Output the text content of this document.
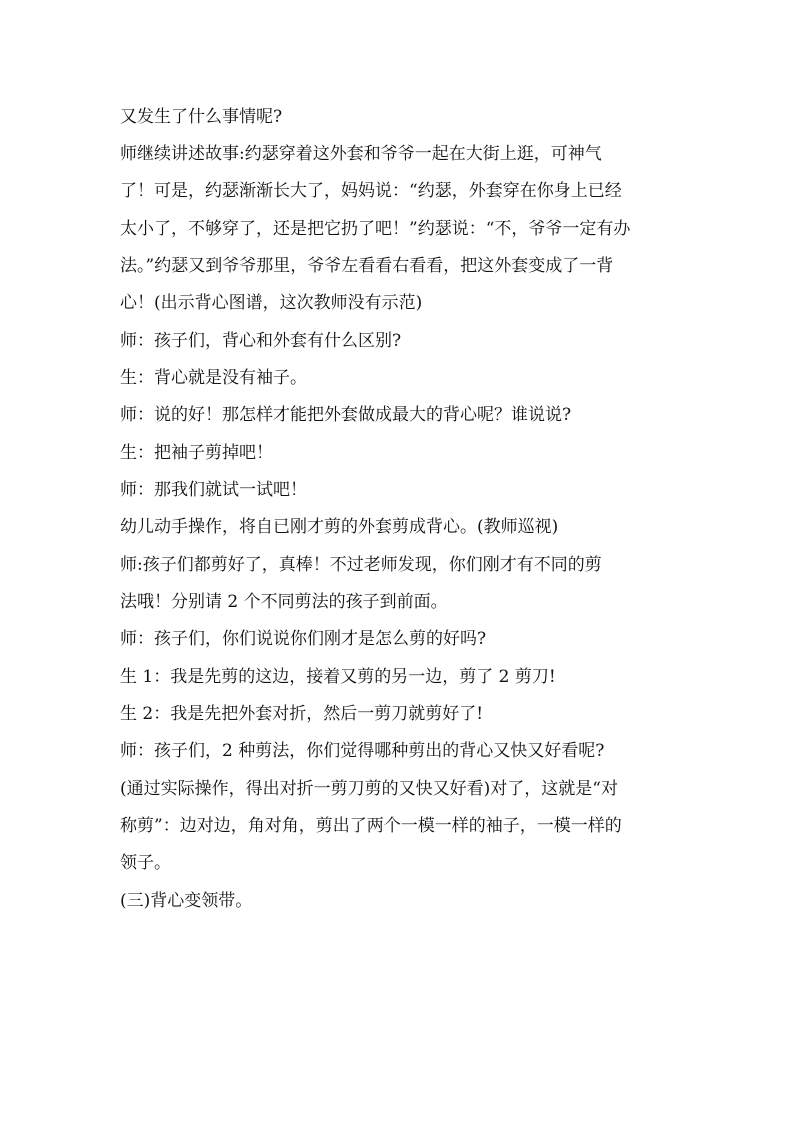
又发生了什么事情呢?
师继续讲述故事:约瑟穿着这外套和爷爷一起在大街上逛，可神气
了！可是，约瑟渐渐长大了，妈妈说：“约瑟，外套穿在你身上已经
太小了，不够穿了，还是把它扔了吧！”约瑟说：“不，爷爷一定有办
法。”约瑟又到爷爷那里，爷爷左看看右看看，把这外套变成了一背
心！(出示背心图谱，这次教师没有示范)
师：孩子们，背心和外套有什么区别?
生：背心就是没有袖子。
师：说的好！那怎样才能把外套做成最大的背心呢？谁说说?
生：把袖子剪掉吧！
师：那我们就试一试吧！
幼儿动手操作，将自已刚才剪的外套剪成背心。(教师巡视)
师:孩子们都剪好了，真棒！不过老师发现，你们刚才有不同的剪
法哦！分别请 2 个不同剪法的孩子到前面。
师：孩子们，你们说说你们刚才是怎么剪的好吗?
生 1：我是先剪的这边，接着又剪的另一边，剪了 2 剪刀!
生 2：我是先把外套对折，然后一剪刀就剪好了!
师：孩子们，2 种剪法，你们觉得哪种剪出的背心又快又好看呢?
(通过实际操作，得出对折一剪刀剪的又快又好看)对了，这就是“对
称剪”：边对边，角对角，剪出了两个一模一样的袖子，一模一样的
领子。
(三)背心变领带。
